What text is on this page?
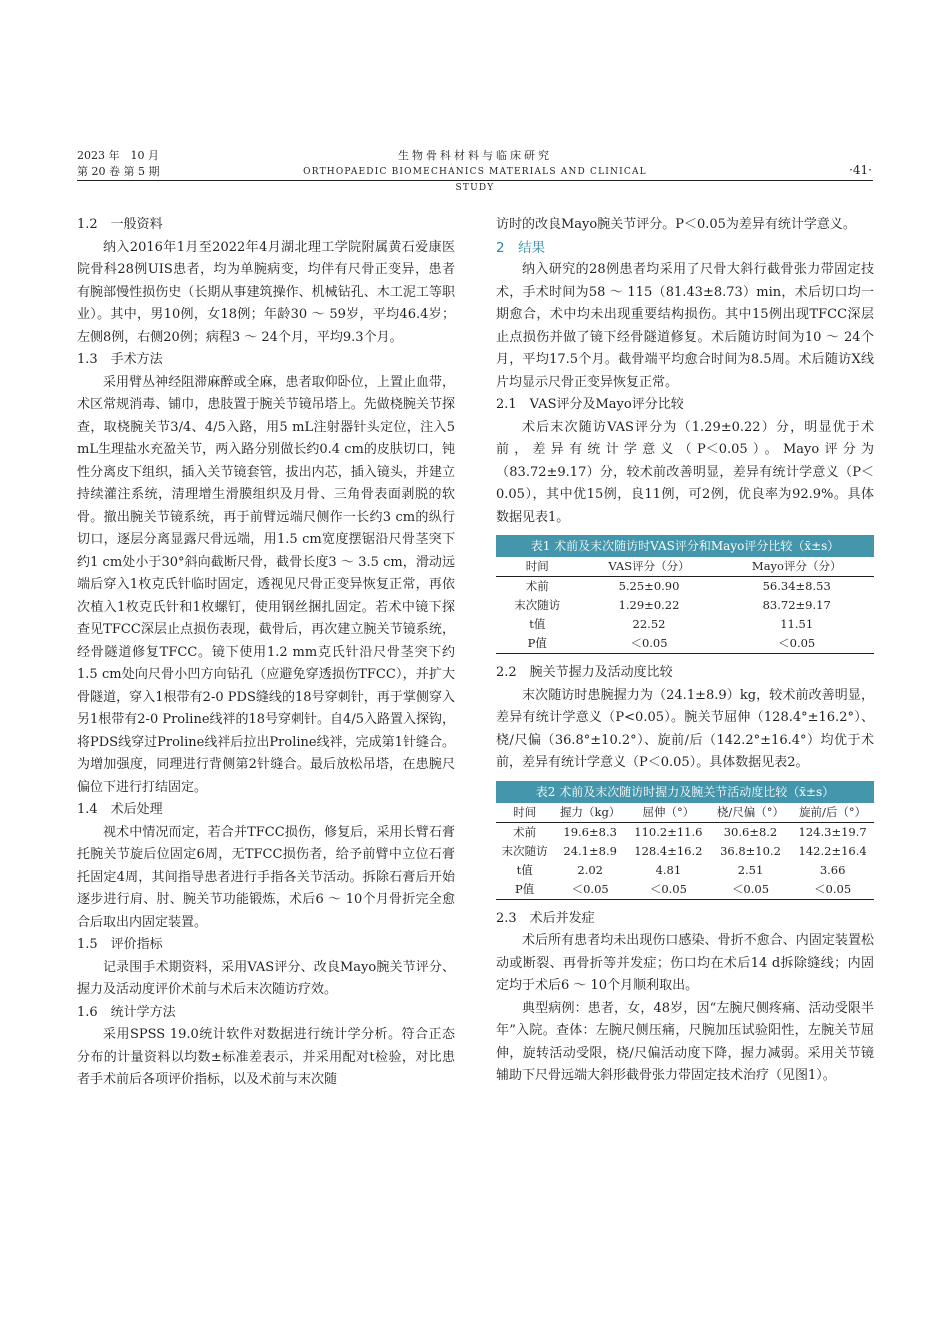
2023 年　10 月
第 20 卷 第 5 期
生物骨科材料与临床研究
ORTHOPAEDIC BIOMECHANICS MATERIALS AND CLINICAL STUDY
·41·
1.2　一般资料

纳入2016年1月至2022年4月湖北理工学院附属黄石爱康医院骨科28例UIS患者，均为单腕病变，均伴有尺骨正变异，患者有腕部慢性损伤史（长期从事建筑操作、机械钻孔、木工泥工等职业）。其中，男10例，女18例；年龄30 ～ 59岁，平均46.4岁；左侧8例，右侧20例；病程3 ～ 24个月，平均9.3个月。

1.3　手术方法

采用臂丛神经阻滞麻醉或全麻，患者取仰卧位，上置止血带，术区常规消毒、铺巾，患肢置于腕关节镜吊塔上。先做桡腕关节探查，取桡腕关节3/4、4/5入路，用5 mL注射器针头定位，注入5 mL生理盐水充盈关节，两入路分别做长约0.4 cm的皮肤切口，钝性分离皮下组织，插入关节镜套管，拔出内芯，插入镜头，并建立持续灌注系统，清理增生滑膜组织及月骨、三角骨表面剥脱的软骨。撤出腕关节镜系统，再于前臂远端尺侧作一长约3 cm的纵行切口，逐层分离显露尺骨远端，用1.5 cm宽度摆锯沿尺骨茎突下约1 cm处小于30°斜向截断尺骨，截骨长度3 ～ 3.5 cm，滑动远端后穿入1枚克氏针临时固定，透视见尺骨正变异恢复正常，再依次植入1枚克氏针和1枚螺钉，使用钢丝捆扎固定。若术中镜下探查见TFCC深层止点损伤表现，截骨后，再次建立腕关节镜系统，经骨隧道修复TFCC。镜下使用1.2 mm克氏针沿尺骨茎突下约1.5 cm处向尺骨小凹方向钻孔（应避免穿透损伤TFCC），并扩大骨隧道，穿入1根带有2-0 PDS缝线的18号穿刺针，再于掌侧穿入另1根带有2-0 Proline线袢的18号穿刺针。自4/5入路置入探钩，将PDS线穿过Proline线袢后拉出Proline线袢，完成第1针缝合。为增加强度，同理进行背侧第2针缝合。最后放松吊塔，在患腕尺偏位下进行打结固定。

1.4　术后处理

视术中情况而定，若合并TFCC损伤，修复后，采用长臂石膏托腕关节旋后位固定6周，无TFCC损伤者，给予前臂中立位石膏托固定4周，其间指导患者进行手指各关节活动。拆除石膏后开始逐步进行肩、肘、腕关节功能锻炼，术后6 ～ 10个月骨折完全愈合后取出内固定装置。

1.5　评价指标

记录围手术期资料，采用VAS评分、改良Mayo腕关节评分、握力及活动度评价术前与术后末次随访疗效。

1.6　统计学方法

采用SPSS 19.0统计软件对数据进行统计学分析。符合正态分布的计量资料以均数±标准差表示，并采用配对t检验，对比患者手术前后各项评价指标，以及术前与末次随

访时的改良Mayo腕关节评分。P＜0.05为差异有统计学意义。

2　结果

纳入研究的28例患者均采用了尺骨大斜行截骨张力带固定技术，手术时间为58 ～ 115（81.43±8.73）min，术后切口均一期愈合，术中均未出现重要结构损伤。其中15例出现TFCC深层止点损伤并做了镜下经骨隧道修复。术后随访时间为10 ～ 24个月，平均17.5个月。截骨端平均愈合时间为8.5周。术后随访X线片均显示尺骨正变异恢复正常。

2.1　VAS评分及Mayo评分比较

术后末次随访VAS评分为（1.29±0.22）分，明显优于术前，差异有统计学意义（P＜0.05）。Mayo评分为（83.72±9.17）分，较术前改善明显，差异有统计学意义（P＜0.05），其中优15例，良11例，可2例，优良率为92.9%。具体数据见表1。

表1 术前及末次随访时VAS评分和Mayo评分比较（x̄±s）
时间	VAS评分（分）	Mayo评分（分）
术前	5.25±0.90	56.34±8.53
末次随访	1.29±0.22	83.72±9.17
t值	22.52	11.51
P值	＜0.05	＜0.05
2.2　腕关节握力及活动度比较

末次随访时患腕握力为（24.1±8.9）kg，较术前改善明显，差异有统计学意义（P<0.05）。腕关节屈伸（128.4°±16.2°）、桡/尺偏（36.8°±10.2°）、旋前/后（142.2°±16.4°）均优于术前，差异有统计学意义（P＜0.05）。具体数据见表2。

表2 术前及末次随访时握力及腕关节活动度比较（x̄±s）
时间	握力（kg）	屈伸（°）	桡/尺偏（°）	旋前/后（°）
术前	19.6±8.3	110.2±11.6	30.6±8.2	124.3±19.7
末次随访	24.1±8.9	128.4±16.2	36.8±10.2	142.2±16.4
t值	2.02	4.81	2.51	3.66
P值	＜0.05	＜0.05	＜0.05	＜0.05
2.3　术后并发症

术后所有患者均未出现伤口感染、骨折不愈合、内固定装置松动或断裂、再骨折等并发症；伤口均在术后14 d拆除缝线；内固定均于术后6 ～ 10个月顺利取出。

典型病例：患者，女，48岁，因“左腕尺侧疼痛、活动受限半年”入院。查体：左腕尺侧压痛，尺腕加压试验阳性，左腕关节屈伸，旋转活动受限，桡/尺偏活动度下降，握力减弱。采用关节镜辅助下尺骨远端大斜形截骨张力带固定技术治疗（见图1）。
